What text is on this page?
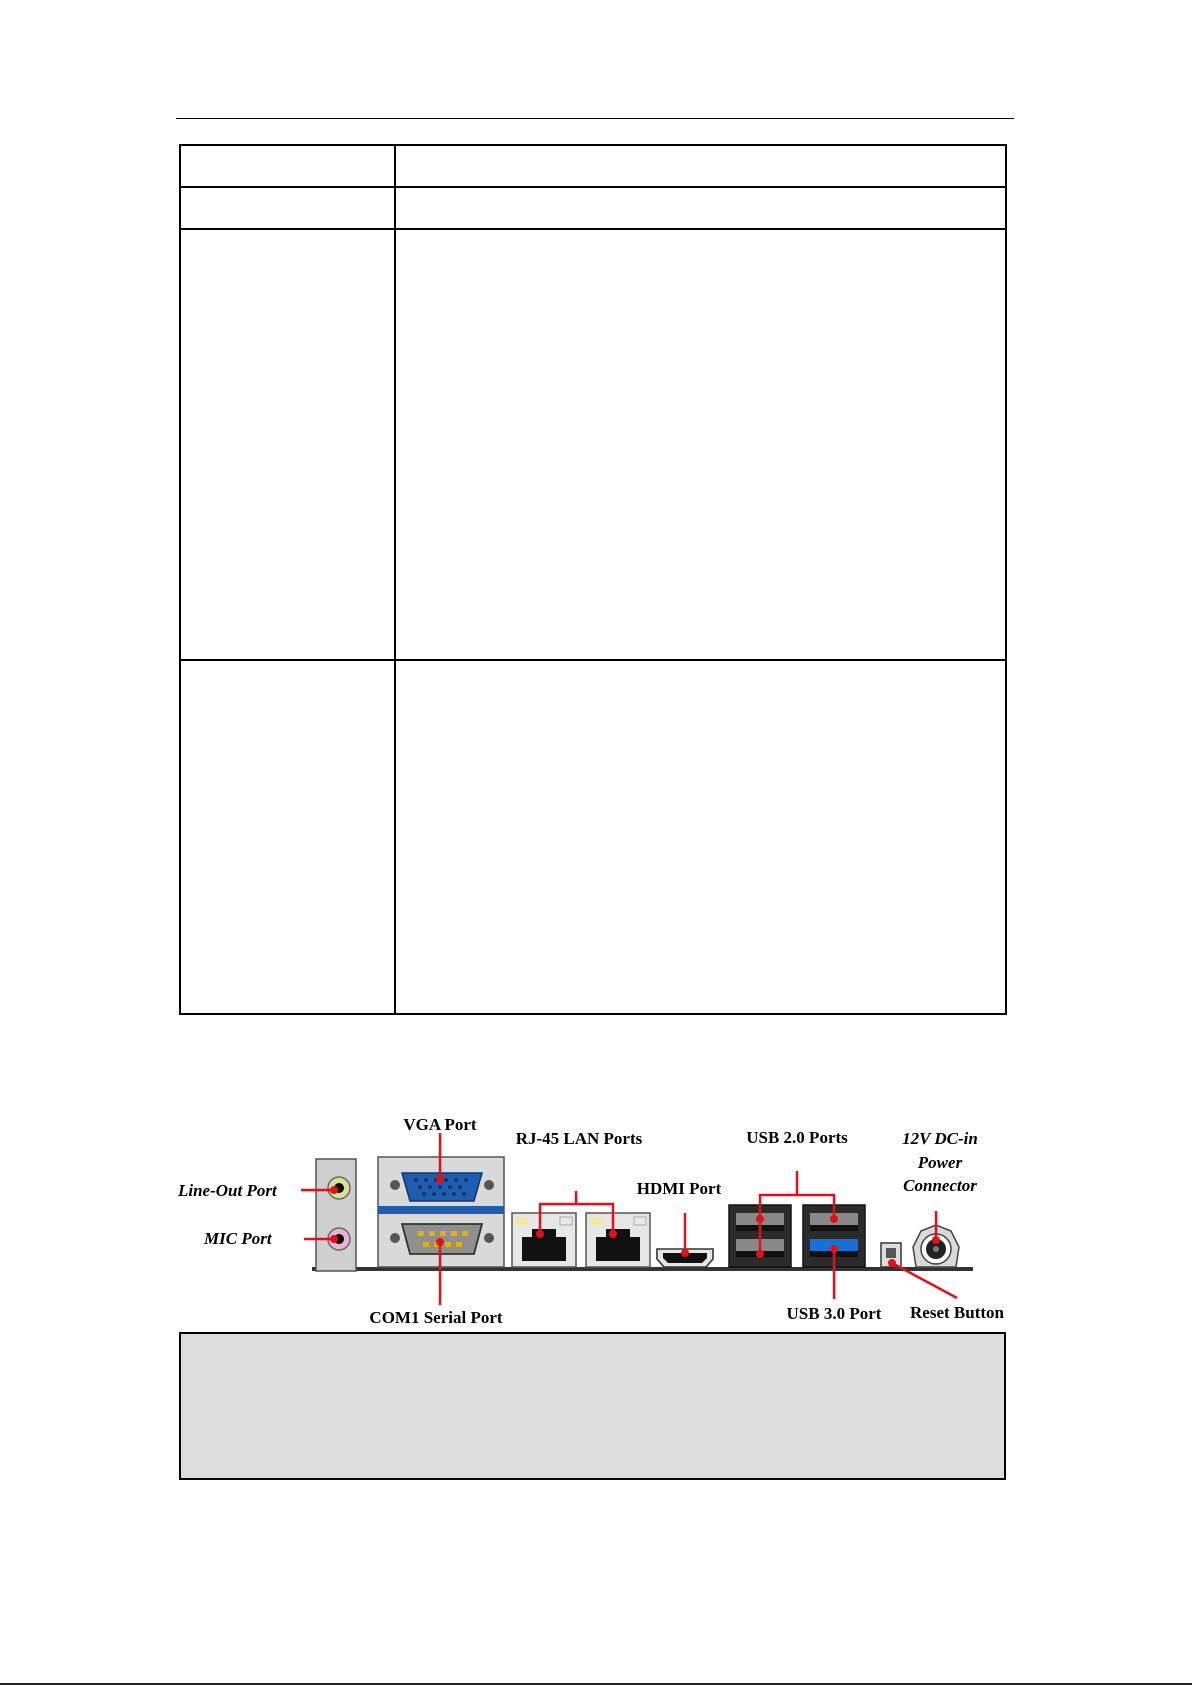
VGA Port
RJ-45 LAN Ports	USB 2.0 Ports	12V DC-in
Power
Connector
Line-Out Port
MIC Port
HDMI Port
COM1 Serial Port	USB 3.0 Port Reset Button
